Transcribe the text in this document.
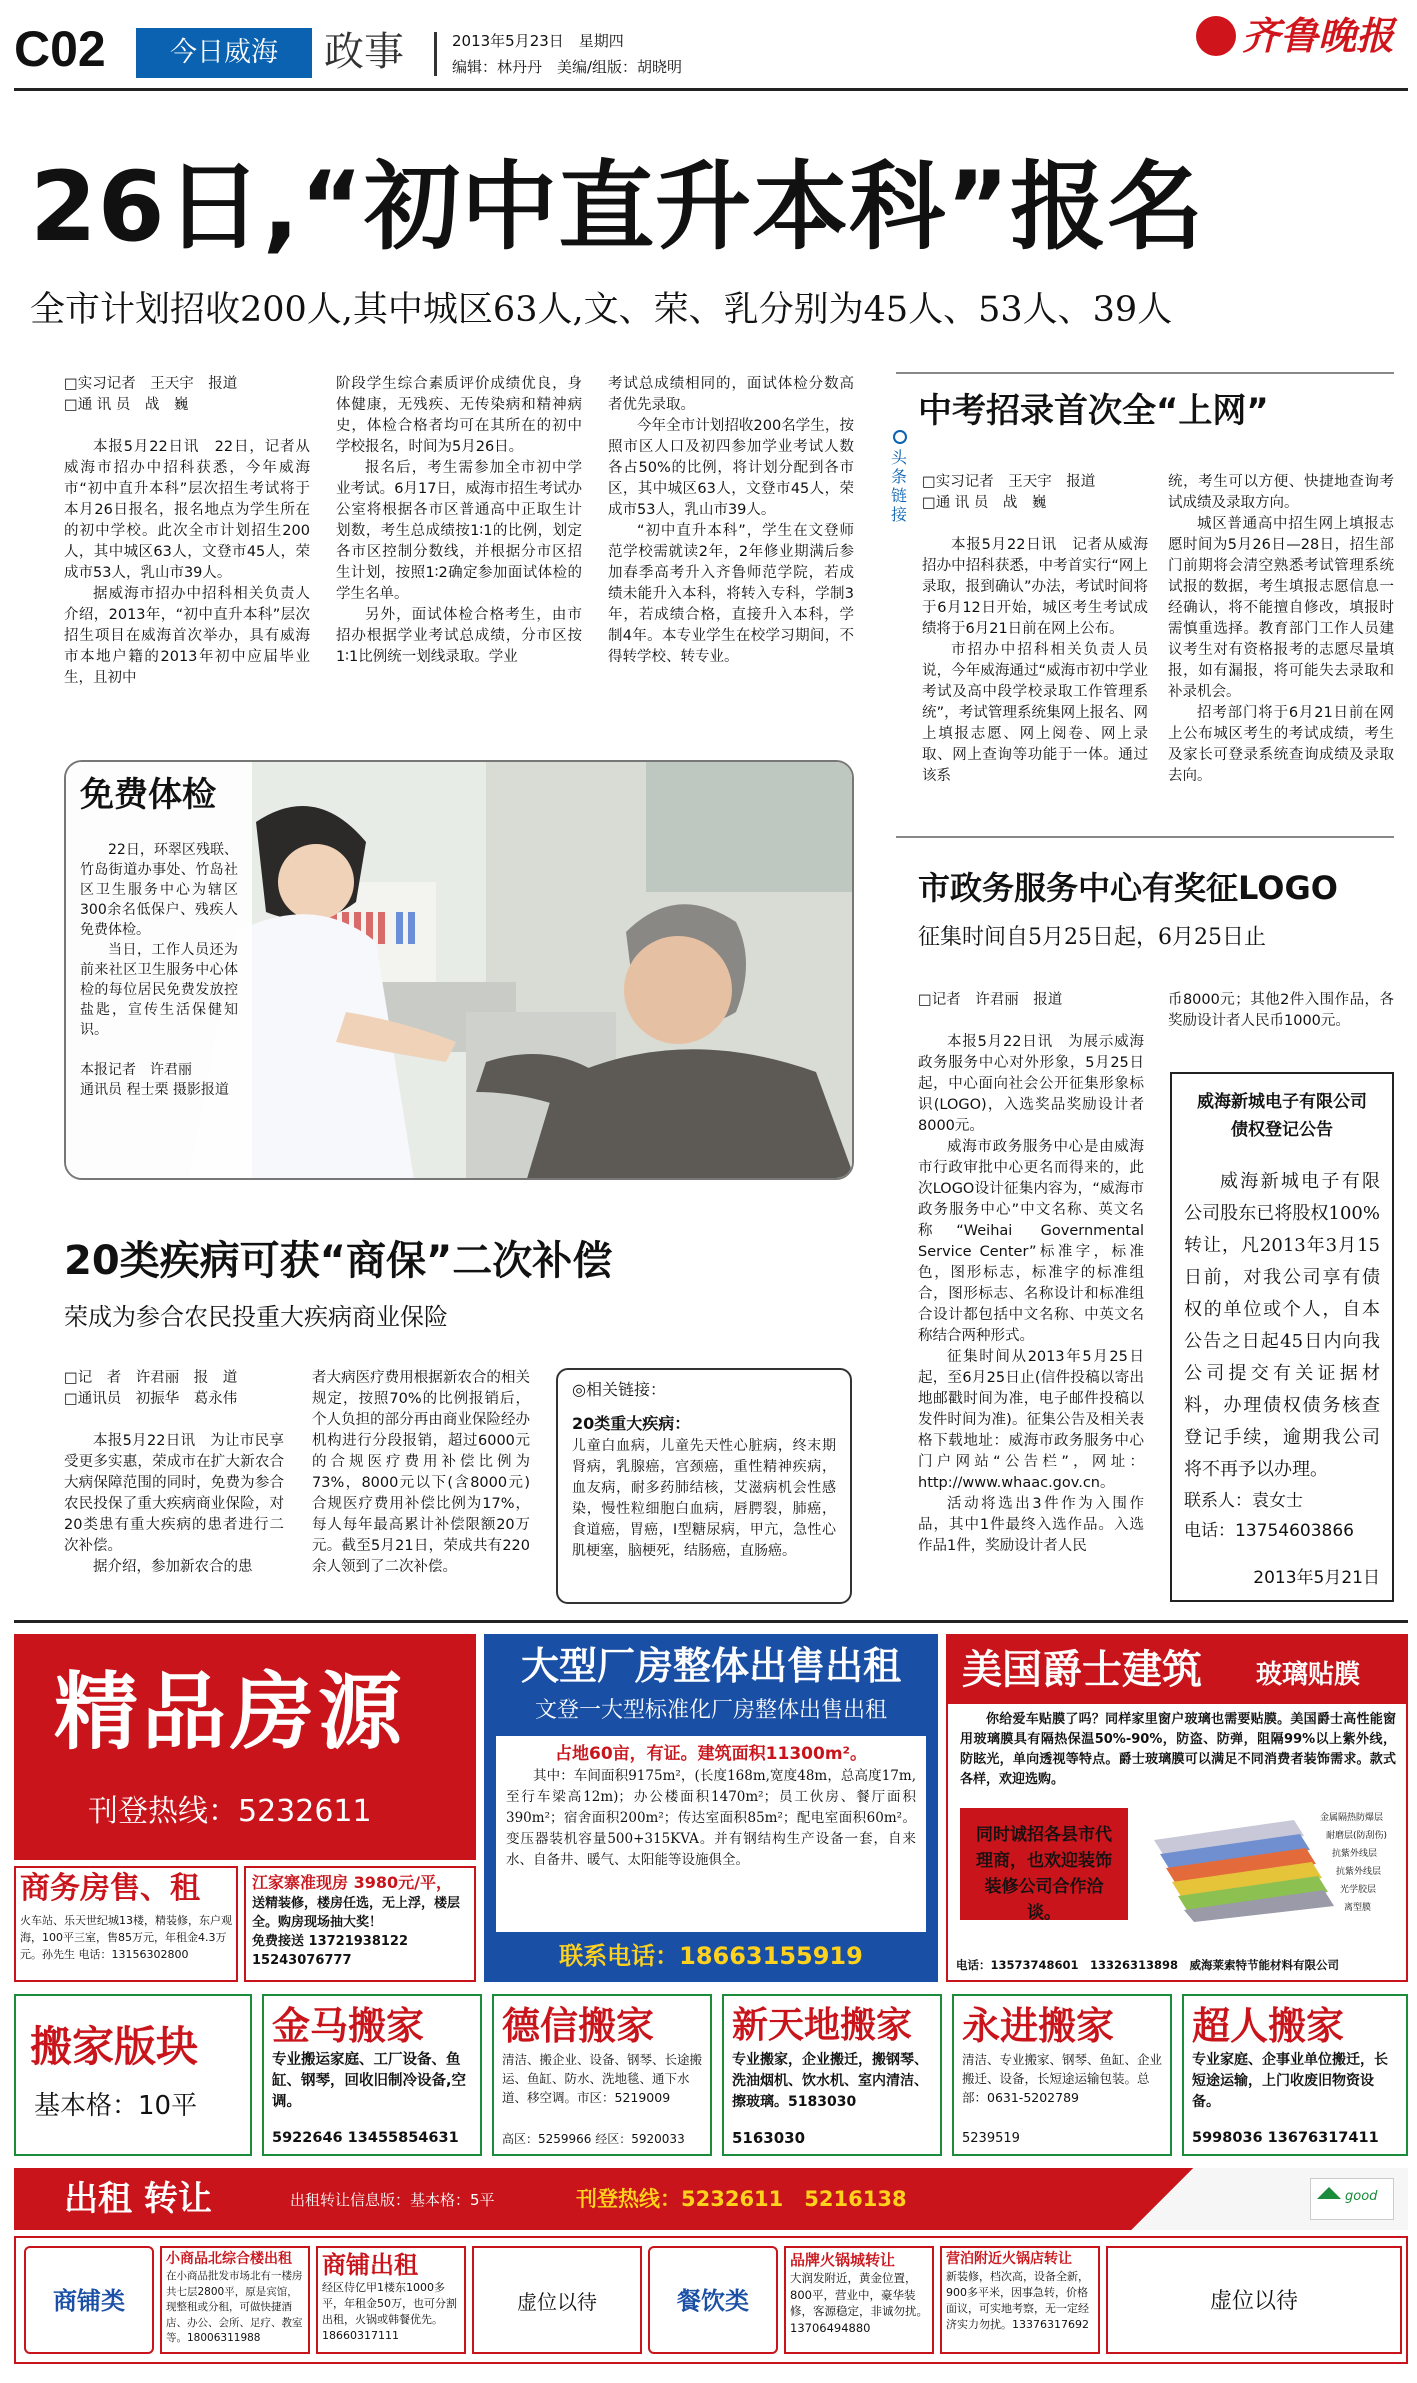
C02	今日威海	政事	2013年5月23日　星期四
编辑：林丹丹　美编/组版：胡晓明
齐鲁晚报
26日,“初中直升本科”报名
全市计划招收200人,其中城区63人,文、荣、乳分别为45人、53人、39人
□实习记者　王天宇　报道
□通 讯 员　战　巍

本报5月22日讯　22日，记者从威海市招办中招科获悉，今年威海市“初中直升本科”层次招生考试将于本月26日报名，报名地点为学生所在的初中学校。此次全市计划招生200人，其中城区63人，文登市45人，荣成市53人，乳山市39人。

据威海市招办中招科相关负责人介绍，2013年，“初中直升本科”层次招生项目在威海首次举办，具有威海市本地户籍的2013年初中应届毕业生，且初中

阶段学生综合素质评价成绩优良，身体健康，无残疾、无传染病和精神病史，体检合格者均可在其所在的初中学校报名，时间为5月26日。

报名后，考生需参加全市初中学业考试。6月17日，威海市招生考试办公室将根据各市区普通高中正取生计划数，考生总成绩按1∶1的比例，划定各市区控制分数线，并根据分市区招生计划，按照1∶2确定参加面试体检的学生名单。

另外，面试体检合格考生，由市招办根据学业考试总成绩，分市区按1∶1比例统一划线录取。学业

考试总成绩相同的，面试体检分数高者优先录取。

今年全市计划招收200名学生，按照市区人口及初四参加学业考试人数各占50%的比例，将计划分配到各市区，其中城区63人，文登市45人，荣成市53人，乳山市39人。

“初中直升本科”，学生在文登师范学校需就读2年，2年修业期满后参加春季高考升入齐鲁师范学院，若成绩未能升入本科，将转入专科，学制3年，若成绩合格，直接升入本科，学制4年。本专业学生在校学习期间，不得转学校、转专业。

中考招录首次全“上网”
头条链接
□实习记者　王天宇　报道
□通 讯 员　战　巍

本报5月22日讯　记者从威海招办中招科获悉，中考首实行“网上录取，报到确认”办法，考试时间将于6月12日开始，城区考生考试成绩将于6月21日前在网上公布。

市招办中招科相关负责人员说，今年威海通过“威海市初中学业考试及高中段学校录取工作管理系统”，考试管理系统集网上报名、网上填报志愿、网上阅卷、网上录取、网上查询等功能于一体。通过该系

统，考生可以方便、快捷地查询考试成绩及录取方向。

城区普通高中招生网上填报志愿时间为5月26日—28日，招生部门前期将会清空熟悉考试管理系统试报的数据，考生填报志愿信息一经确认，将不能擅自修改，填报时需慎重选择。教育部门工作人员建议考生对有资格报考的志愿尽量填报，如有漏报，将可能失去录取和补录机会。

招考部门将于6月21日前在网上公布城区考生的考试成绩，考生及家长可登录系统查询成绩及录取去向。

免费体检

22日，环翠区残联、竹岛街道办事处、竹岛社区卫生服务中心为辖区300余名低保户、残疾人免费体检。

当日，工作人员还为前来社区卫生服务中心体检的每位居民免费发放控盐匙，宣传生活保健知识。

本报记者　许君丽
通讯员 程士栗 摄影报道
市政务服务中心有奖征LOGO
征集时间自5月25日起，6月25日止
□记者　许君丽　报道

本报5月22日讯　为展示威海政务服务中心对外形象，5月25日起，中心面向社会公开征集形象标识(LOGO)，入选奖品奖励设计者8000元。

威海市政务服务中心是由威海市行政审批中心更名而得来的，此次LOGO设计征集内容为，“威海市政务服务中心”中文名称、英文名称“Weihai Governmental Service Center”标准字，标准色，图形标志，标准字的标准组合，图形标志、名称设计和标准组合设计都包括中文名称、中英文名称结合两种形式。

征集时间从2013年5月25日起，至6月25日止(信件投稿以寄出地邮戳时间为准，电子邮件投稿以发件时间为准)。征集公告及相关表格下载地址：威海市政务服务中心门户网站“公告栏”，网址：http://www.whaac.gov.cn。

活动将选出3件作为入围作品，其中1件最终入选作品。入选作品1件，奖励设计者人民

币8000元；其他2件入围作品，各奖励设计者人民币1000元。

威海新城电子有限公司
债权登记公告

威海新城电子有限公司股东已将股权100%转让，凡2013年3月15日前，对我公司享有债权的单位或个人，自本公告之日起45日内向我公司提交有关证据材料，办理债权债务核查登记手续，逾期我公司将不再予以办理。

联系人：袁女士
电话：13754603866
2013年5月21日
20类疾病可获“商保”二次补偿
荣成为参合农民投重大疾病商业保险
□记　者　许君丽　报　道
□通讯员　初振华　葛永伟

本报5月22日讯　为让市民享受更多实惠，荣成市在扩大新农合大病保障范围的同时，免费为参合农民投保了重大疾病商业保险，对20类患有重大疾病的患者进行二次补偿。

据介绍，参加新农合的患

者大病医疗费用根据新农合的相关规定，按照70%的比例报销后，个人负担的部分再由商业保险经办机构进行分段报销，超过6000元的合规医疗费用补偿比例为73%，8000元以下(含8000元)合规医疗费用补偿比例为17%，每人每年最高累计补偿限额20万元。截至5月21日，荣成共有220余人领到了二次补偿。

◎相关链接：
20类重大疾病：

儿童白血病，儿童先天性心脏病，终末期肾病，乳腺癌，宫颈癌，重性精神疾病，血友病，耐多药肺结核，艾滋病机会性感染，慢性粒细胞白血病，唇腭裂，肺癌，食道癌，胃癌，Ⅰ型糖尿病，甲亢，急性心肌梗塞，脑梗死，结肠癌，直肠癌。

精品房源
刊登热线：5232611
商务房售、租
火车站、乐天世纪城13楼，精装修，东户观海，100平三室，售85万元，年租金4.3万元。孙先生 电话：13156302800
江家寨准现房 3980元/平，
送精装修，楼房任选，无上浮，楼层全。购房现场抽大奖！
免费接送 13721938122　15243076777
大型厂房整体出售出租
文登一大型标准化厂房整体出售出租
占地60亩，有证。建筑面积11300m²。

其中：车间面积9175m²，(长度168m,宽度48m，总高度17m,至行车梁高12m)；办公楼面积1470m²；员工伙房、餐厅面积390m²；宿舍面积200m²；传达室面积85m²；配电室面积60m²。变压器装机容量500+315KVA。并有钢结构生产设备一套，自来水、自备井、暖气、太阳能等设施俱全。

联系电话：18663155919
美国爵士建筑 玻璃贴膜

你给爱车贴膜了吗？同样家里窗户玻璃也需要贴膜。美国爵士高性能窗用玻璃膜具有隔热保温50%-90%，防盗、防弹，阻隔99%以上紫外线，防眩光，单向透视等特点。爵士玻璃膜可以满足不同消费者装饰需求。款式各样，欢迎选购。

同时诚招各县市代理商，也欢迎装饰装修公司合作洽谈。
金属隔热防爆层
耐磨层(防刮伤)
抗紫外线层
抗紫外线层
光学胶层
离型膜
电话：13573748601　13326313898　威海莱索特节能材料有限公司
搬家版块
基本格：10平
金马搬家
专业搬运家庭、工厂设备、鱼缸、钢琴，回收旧制冷设备,空调。
5922646 13455854631
德信搬家
清洁、搬企业、设备、钢琴、长途搬运、鱼缸、防水、洗地毯、通下水道、移空调。市区：5219009
高区：5259966 经区：5920033
新天地搬家
专业搬家，企业搬迁，搬钢琴、洗油烟机、饮水机、室内清洁、擦玻璃。5183030
5163030
永进搬家
清洁、专业搬家、钢琴、鱼缸、企业搬迁、设备，长短途运输包装。总部：0631-5202789
5239519
超人搬家
专业家庭、企事业单位搬迁，长短途运输，上门收废旧物资设备。
5998036 13676317411
出租 转让	出租转让信息版：基本格：5平	刊登热线：5232611　5216138	good
商铺类
小商品北综合楼出租
在小商品批发市场北有一楼房共七层2800平，原是宾馆，现整租或分租，可做快捷酒店、办公、会所、足疗、教室等。18006311988
商铺出租
经区侍亿甲1楼东1000多平，年租金50万，也可分割出租，火锅或韩餐优先。18660317111
虚位以待	餐饮类
品牌火锅城转让
大润发附近，黄金位置，800平，营业中，豪华装修，客源稳定，非诚勿扰。13706494880
营泊附近火锅店转让
新装修，档次高，设备全新，900多平米，因事急转，价格面议，可实地考察，无一定经济实力勿扰。13376317692
虚位以待
